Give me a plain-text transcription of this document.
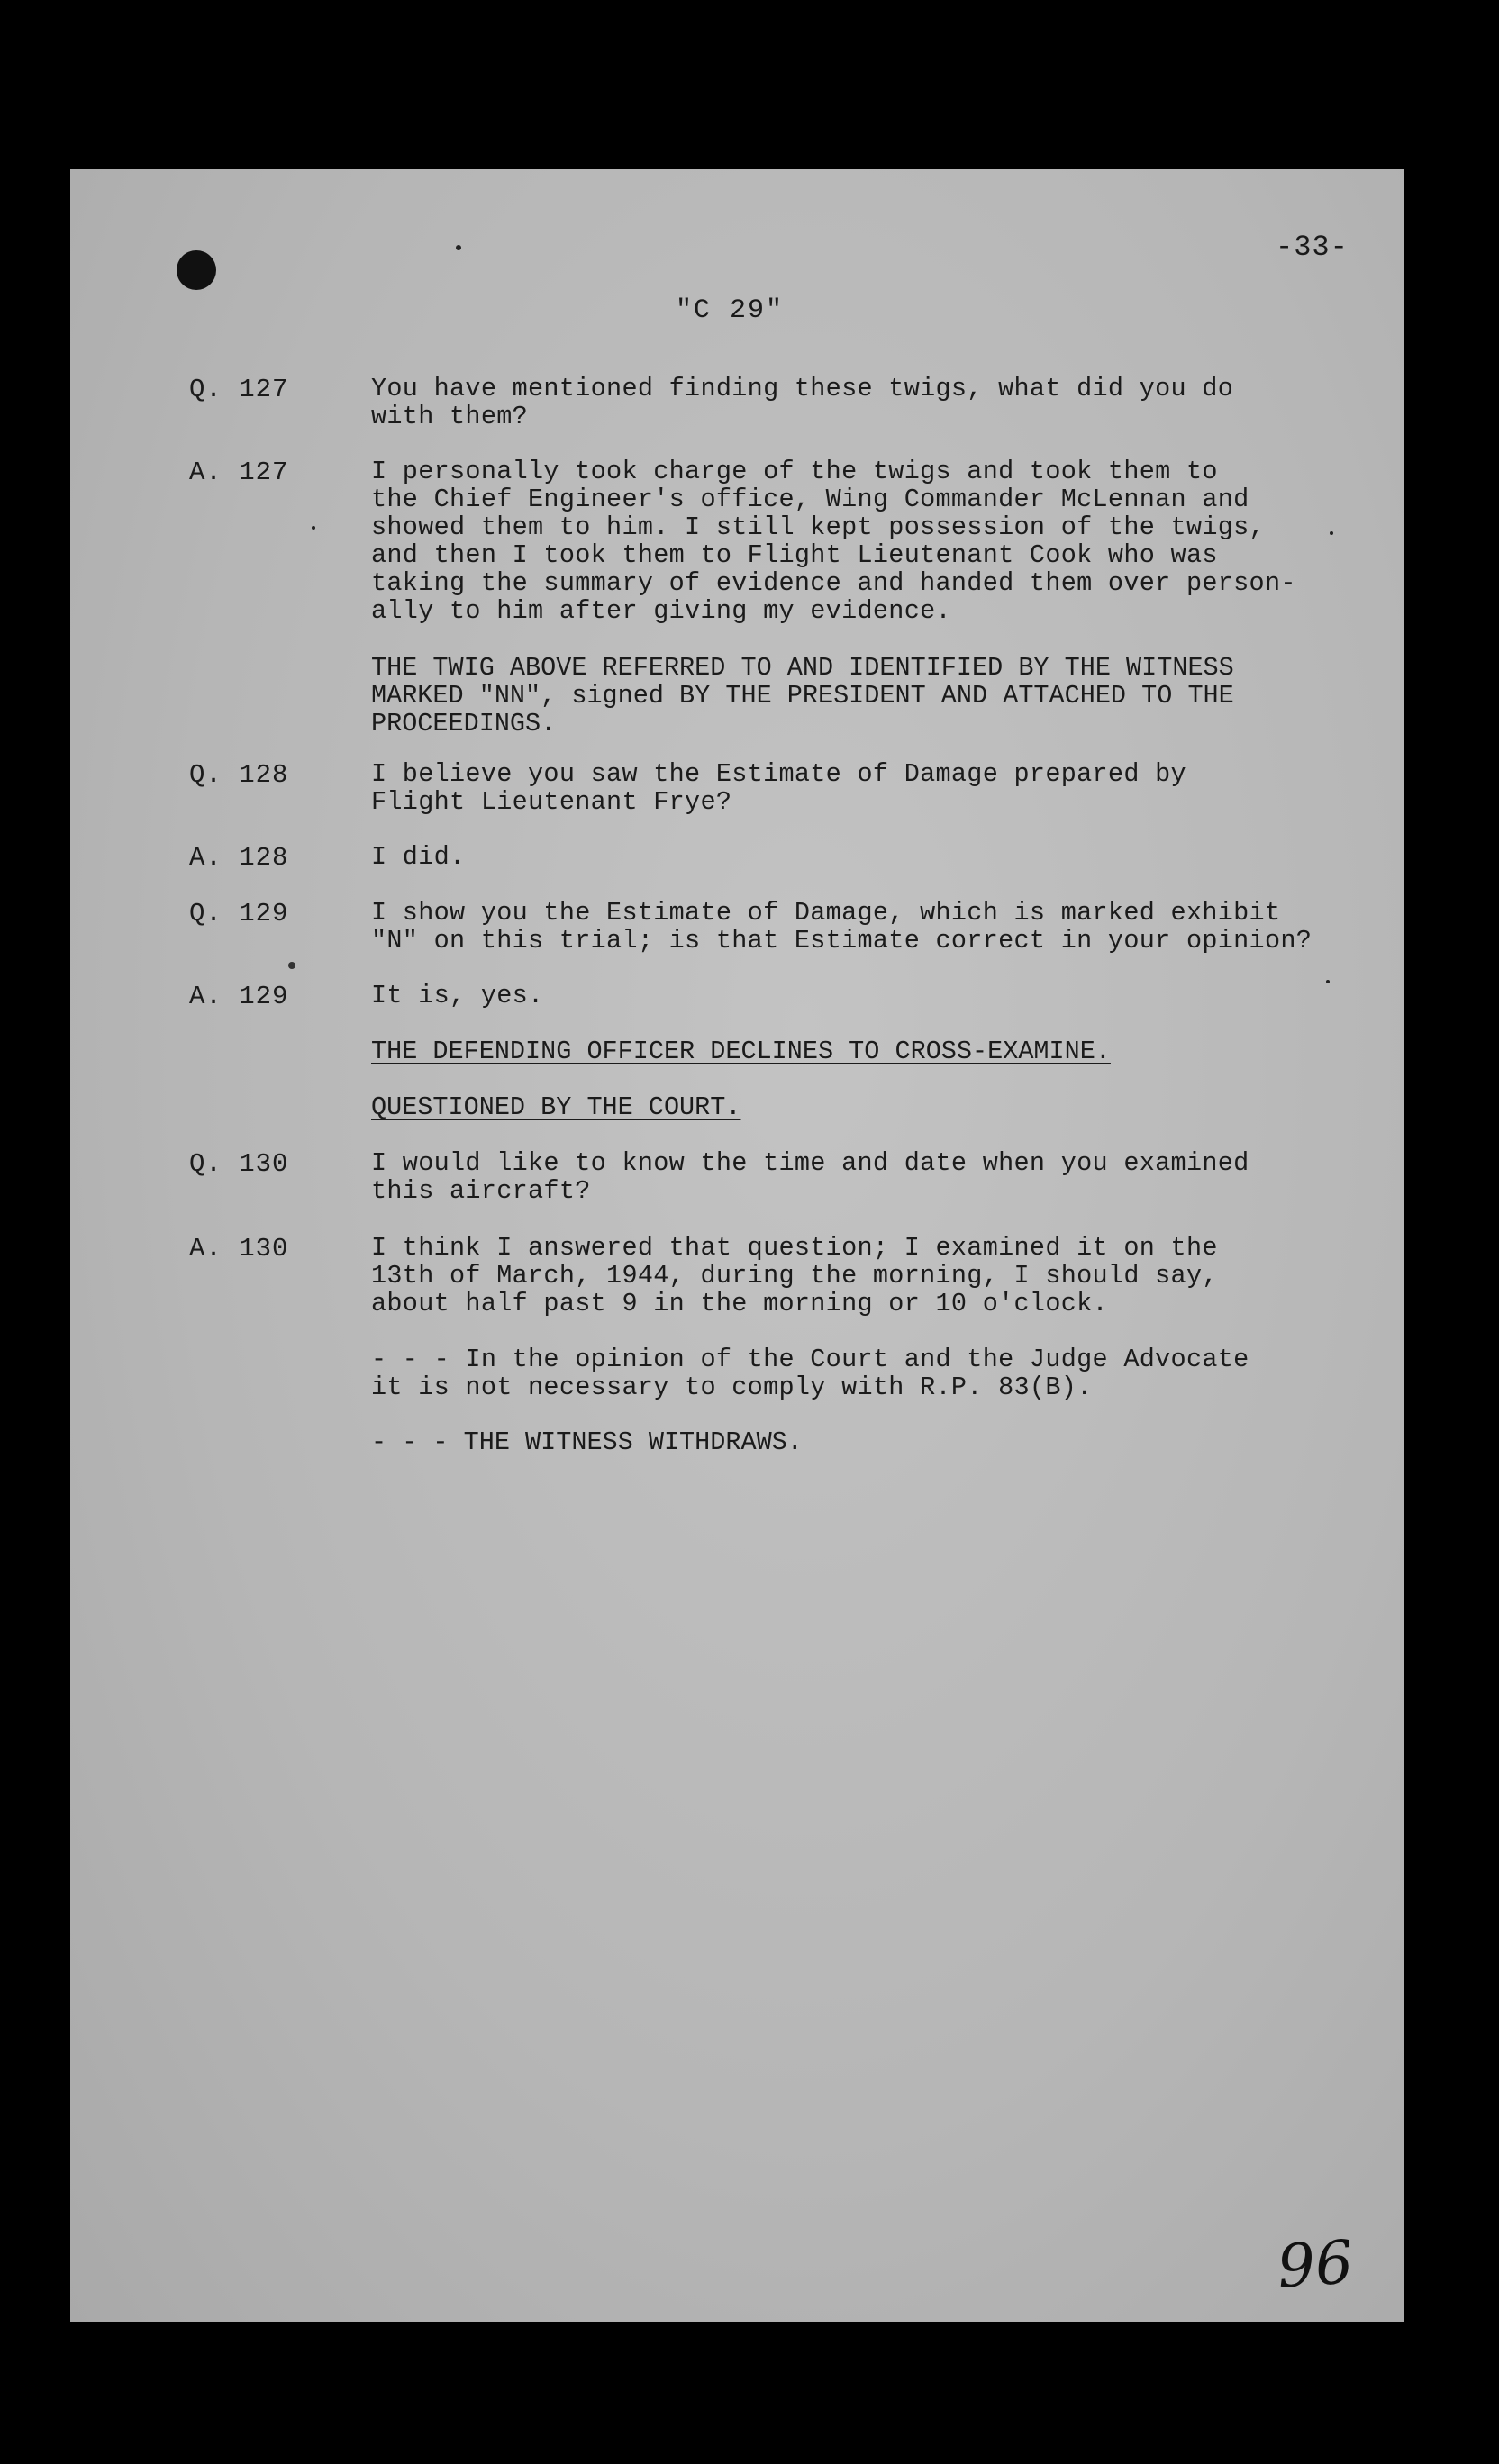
-33-
"C 29"
Q. 127	You have mentioned finding these twigs, what did you do
with them?
A. 127	I personally took charge of the twigs and took them to
the Chief Engineer's office, Wing Commander McLennan and
showed them to him. I still kept possession of the twigs,
and then I took them to Flight Lieutenant Cook who was
taking the summary of evidence and handed them over person-
ally to him after giving my evidence.
THE TWIG ABOVE REFERRED TO AND IDENTIFIED BY THE WITNESS
MARKED "NN", signed BY THE PRESIDENT AND ATTACHED TO THE
PROCEEDINGS.
Q. 128	I believe you saw the Estimate of Damage prepared by
Flight Lieutenant Frye?
A. 128	I did.
Q. 129	I show you the Estimate of Damage, which is marked exhibit
"N" on this trial; is that Estimate correct in your opinion?
A. 129	It is, yes.
THE DEFENDING OFFICER DECLINES TO CROSS-EXAMINE.
QUESTIONED BY THE COURT.
Q. 130	I would like to know the time and date when you examined
this aircraft?
A. 130	I think I answered that question; I examined it on the
13th of March, 1944, during the morning, I should say,
about half past 9 in the morning or 10 o'clock.
- - - In the opinion of the Court and the Judge Advocate
it is not necessary to comply with R.P. 83(B).
- - - THE WITNESS WITHDRAWS.
96
